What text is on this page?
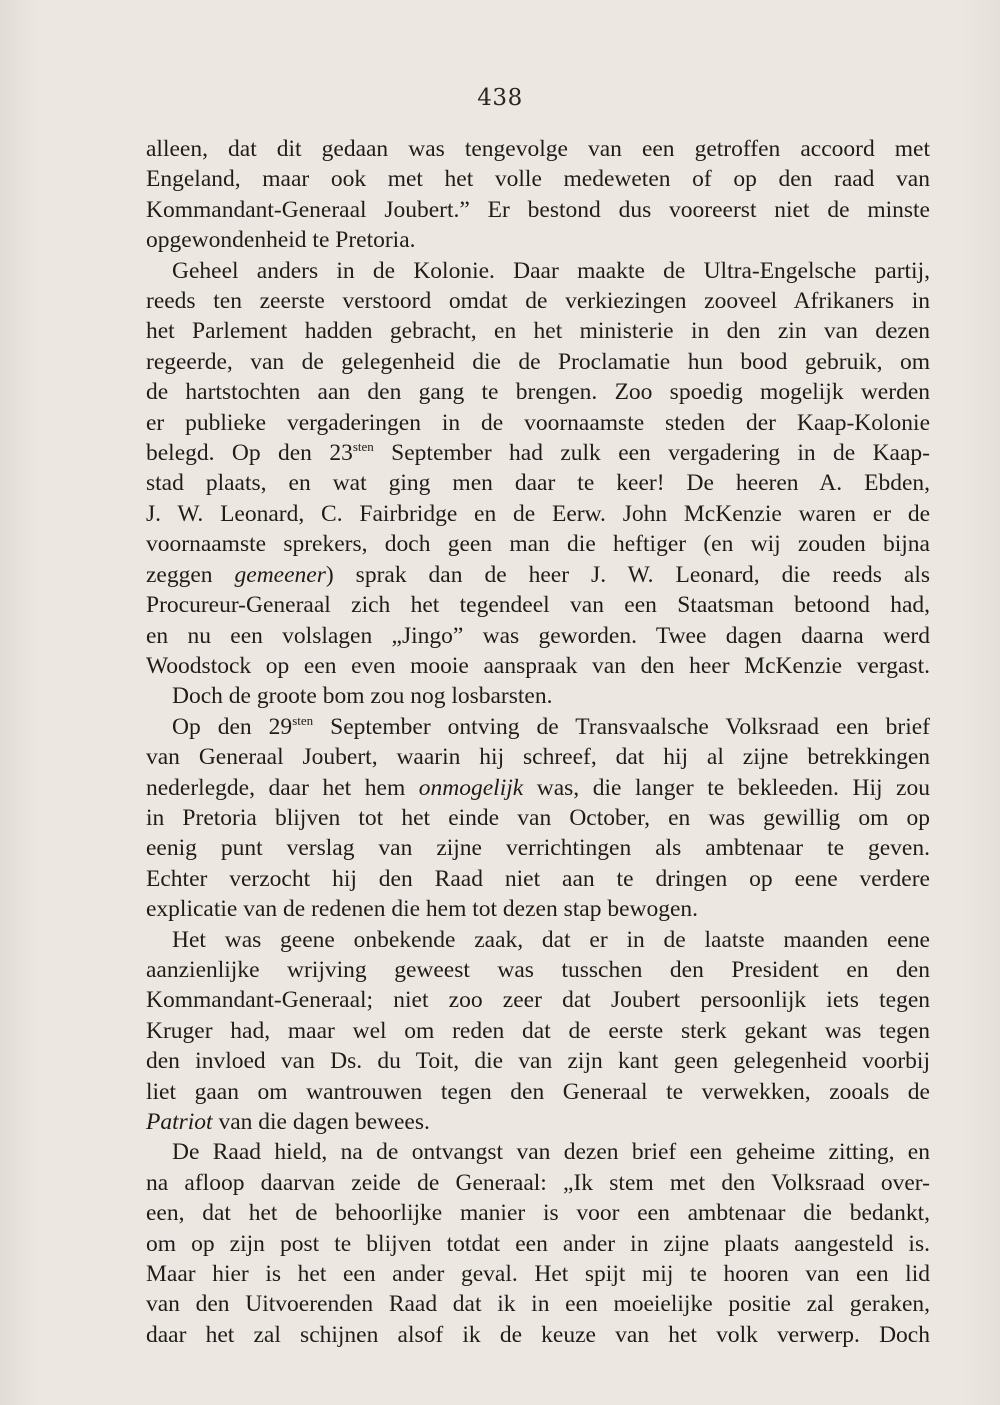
438

alleen, dat dit gedaan was tengevolge van een getroffen accoord met

Engeland, maar ook met het volle medeweten of op den raad van

Kommandant-Generaal Joubert.” Er bestond dus vooreerst niet de minste

opgewondenheid te Pretoria.

Geheel anders in de Kolonie. Daar maakte de Ultra-Engelsche partij,

reeds ten zeerste verstoord omdat de verkiezingen zooveel Afrikaners in

het Parlement hadden gebracht, en het ministerie in den zin van dezen

regeerde, van de gelegenheid die de Proclamatie hun bood gebruik, om

de hartstochten aan den gang te brengen. Zoo spoedig mogelijk werden

er publieke vergaderingen in de voornaamste steden der Kaap-Kolonie

belegd. Op den $23^{sten}$ September had zulk een vergadering in de Kaap-

stad plaats, en wat ging men daar te keer! De heeren A. Ebden,

J. W. Leonard, C. Fairbridge en de Eerw. John McKenzie waren er de

voornaamste sprekers, doch geen man die heftiger (en wij zouden bijna

zeggen gemeener) sprak dan de heer J. W. Leonard, die reeds als

Procureur-Generaal zich het tegendeel van een Staatsman betoond had,

en nu een volslagen „Jingo” was geworden. Twee dagen daarna werd

Woodstock op een even mooie aanspraak van den heer McKenzie vergast.

Doch de groote bom zou nog losbarsten.

Op den $29^{sten}$ September ontving de Transvaalsche Volksraad een brief

van Generaal Joubert, waarin hij schreef, dat hij al zijne betrekkingen

nederlegde, daar het hem onmogelijk was, die langer te bekleeden. Hij zou

in Pretoria blijven tot het einde van October, en was gewillig om op

eenig punt verslag van zijne verrichtingen als ambtenaar te geven.

Echter verzocht hij den Raad niet aan te dringen op eene verdere

explicatie van de redenen die hem tot dezen stap bewogen.

Het was geene onbekende zaak, dat er in de laatste maanden eene

aanzienlijke wrijving geweest was tusschen den President en den

Kommandant-Generaal; niet zoo zeer dat Joubert persoonlijk iets tegen

Kruger had, maar wel om reden dat de eerste sterk gekant was tegen

den invloed van Ds. du Toit, die van zijn kant geen gelegenheid voorbij

liet gaan om wantrouwen tegen den Generaal te verwekken, zooals de

Patriot van die dagen bewees.

De Raad hield, na de ontvangst van dezen brief een geheime zitting, en

na afloop daarvan zeide de Generaal: „Ik stem met den Volksraad over-

een, dat het de behoorlijke manier is voor een ambtenaar die bedankt,

om op zijn post te blijven totdat een ander in zijne plaats aangesteld is.

Maar hier is het een ander geval. Het spijt mij te hooren van een lid

van den Uitvoerenden Raad dat ik in een moeielijke positie zal geraken,

daar het zal schijnen alsof ik de keuze van het volk verwerp. Doch
